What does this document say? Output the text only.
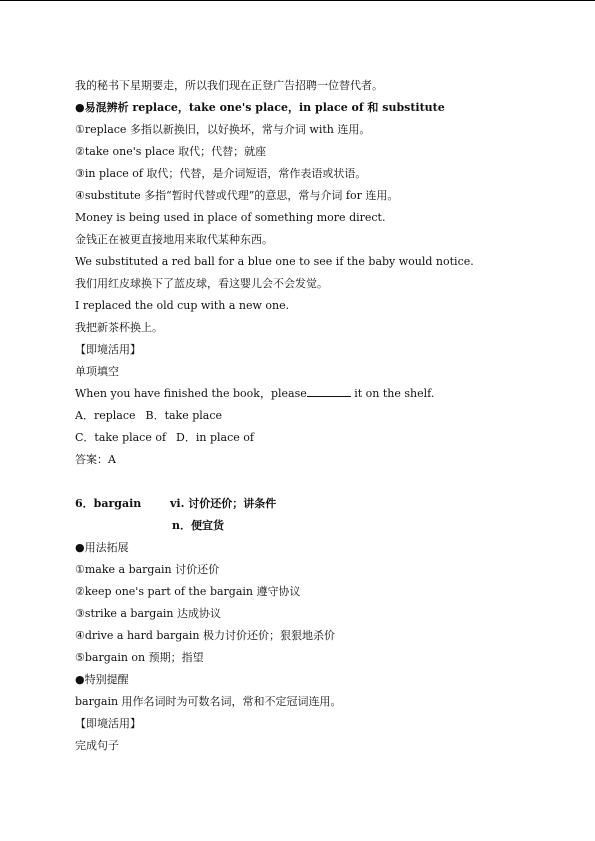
我的秘书下星期要走，所以我们现在正登广告招聘一位替代者。
●易混辨析 replace，take one's place，in place of 和 substitute
①replace 多指以新换旧，以好换坏，常与介词 with 连用。
②take one's place 取代；代替；就座
③in place of 取代；代替，是介词短语，常作表语或状语。
④substitute 多指“暂时代替或代理”的意思，常与介词 for 连用。
Money is being used in place of something more direct.
金钱正在被更直接地用来取代某种东西。
We substituted a red ball for a blue one to see if the baby would notice.
我们用红皮球换下了蓝皮球，看这婴儿会不会发觉。
I replaced the old cup with a new one.
我把新茶杯换上。
【即境活用】
单项填空
When you have finished the book，please	it on the shelf.
A．replace B．take place
C．take place of D．in place of
答案：A
6．bargain	vi. 讨价还价；讲条件
n．便宜货
●用法拓展
①make a bargain 讨价还价
②keep one's part of the bargain 遵守协议
③strike a bargain 达成协议
④drive a hard bargain 极力讨价还价；狠狠地杀价
⑤bargain on 预期；指望
●特别提醒
bargain 用作名词时为可数名词，常和不定冠词连用。
【即境活用】
完成句子
